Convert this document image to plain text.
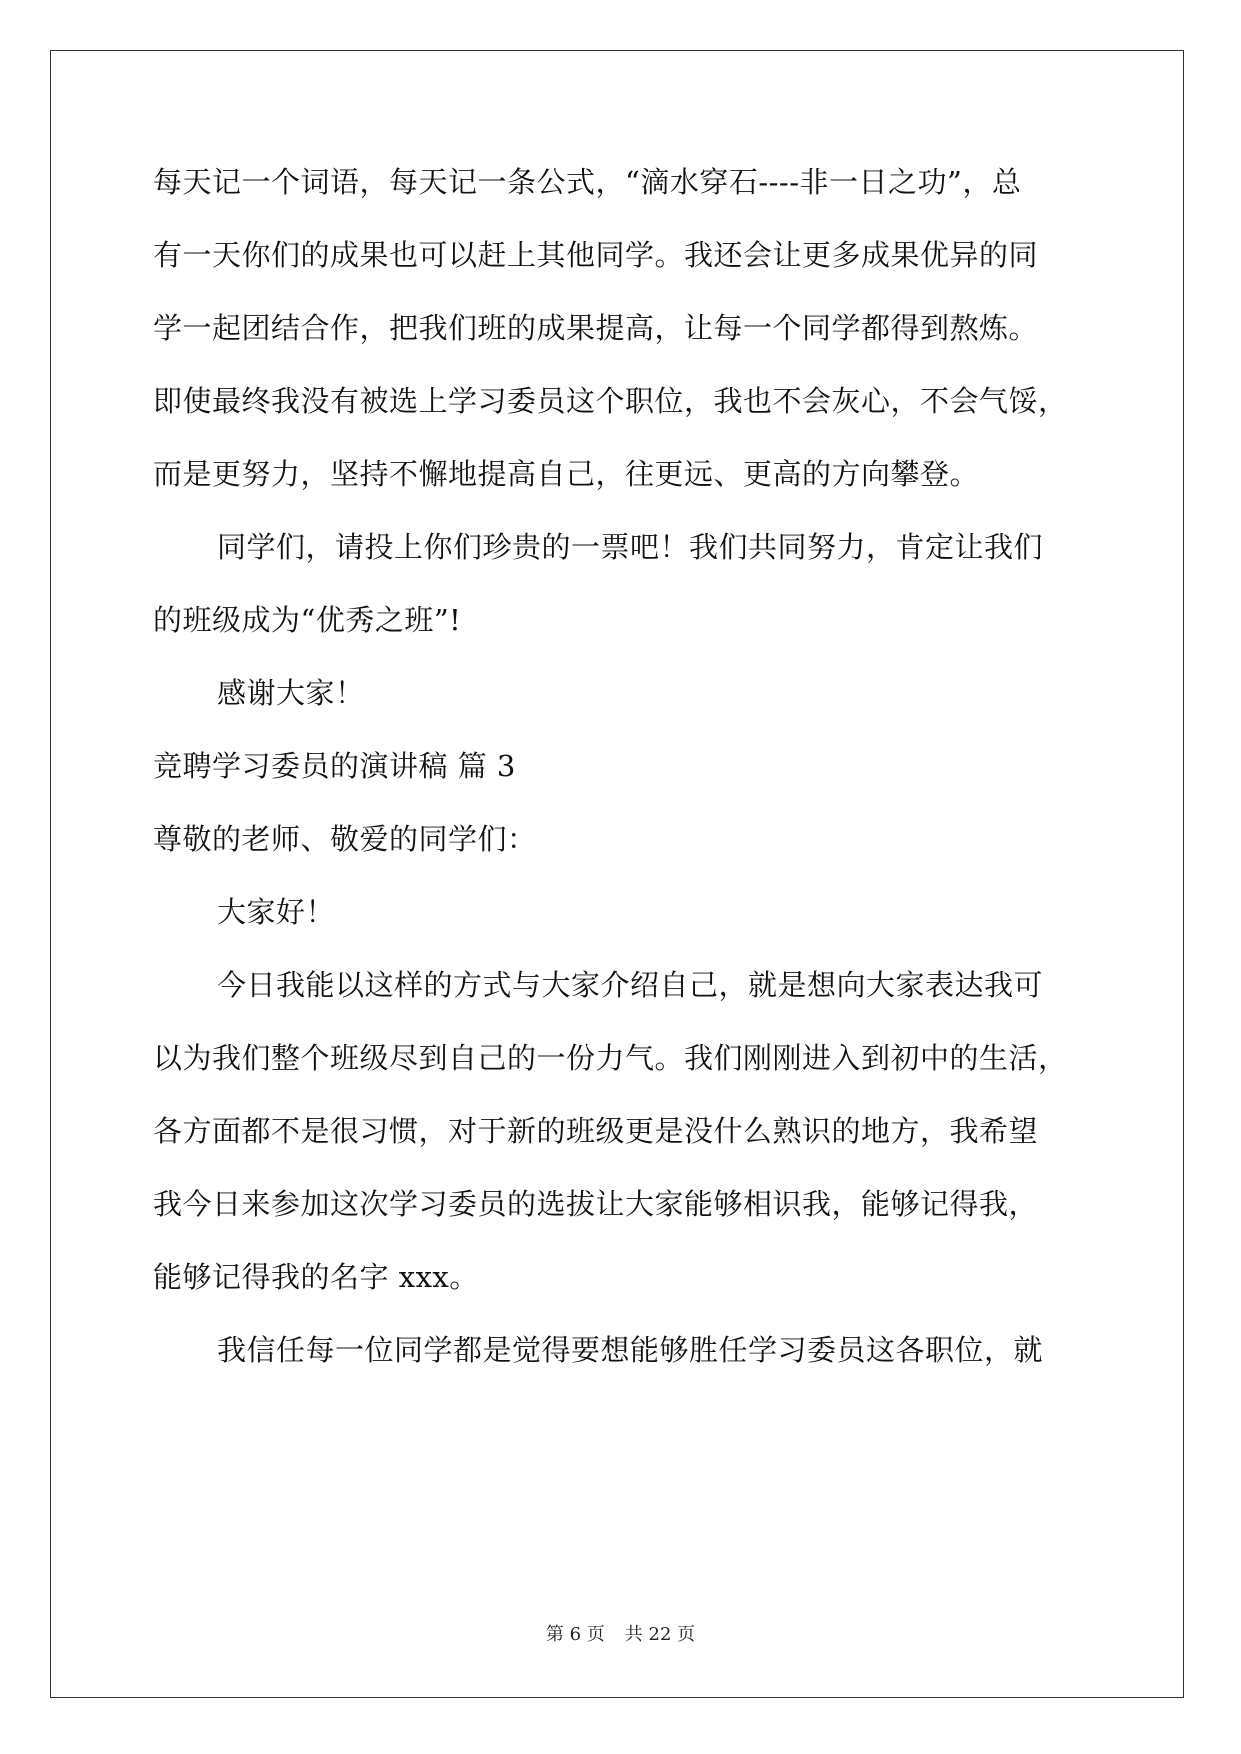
每天记一个词语，每天记一条公式，“滴水穿石----非一日之功”，总
有一天你们的成果也可以赶上其他同学。我还会让更多成果优异的同
学一起团结合作，把我们班的成果提高，让每一个同学都得到熬炼。
即使最终我没有被选上学习委员这个职位，我也不会灰心，不会气馁，
而是更努力，坚持不懈地提高自己，往更远、更高的方向攀登。
同学们，请投上你们珍贵的一票吧！我们共同努力，肯定让我们
的班级成为“优秀之班”!
感谢大家！
竞聘学习委员的演讲稿 篇 3
尊敬的老师、敬爱的同学们：
大家好！
今日我能以这样的方式与大家介绍自己，就是想向大家表达我可
以为我们整个班级尽到自己的一份力气。我们刚刚进入到初中的生活，
各方面都不是很习惯，对于新的班级更是没什么熟识的地方，我希望
我今日来参加这次学习委员的选拔让大家能够相识我，能够记得我，
能够记得我的名字 xxx。
我信任每一位同学都是觉得要想能够胜任学习委员这各职位，就
第 6 页 共 22 页
